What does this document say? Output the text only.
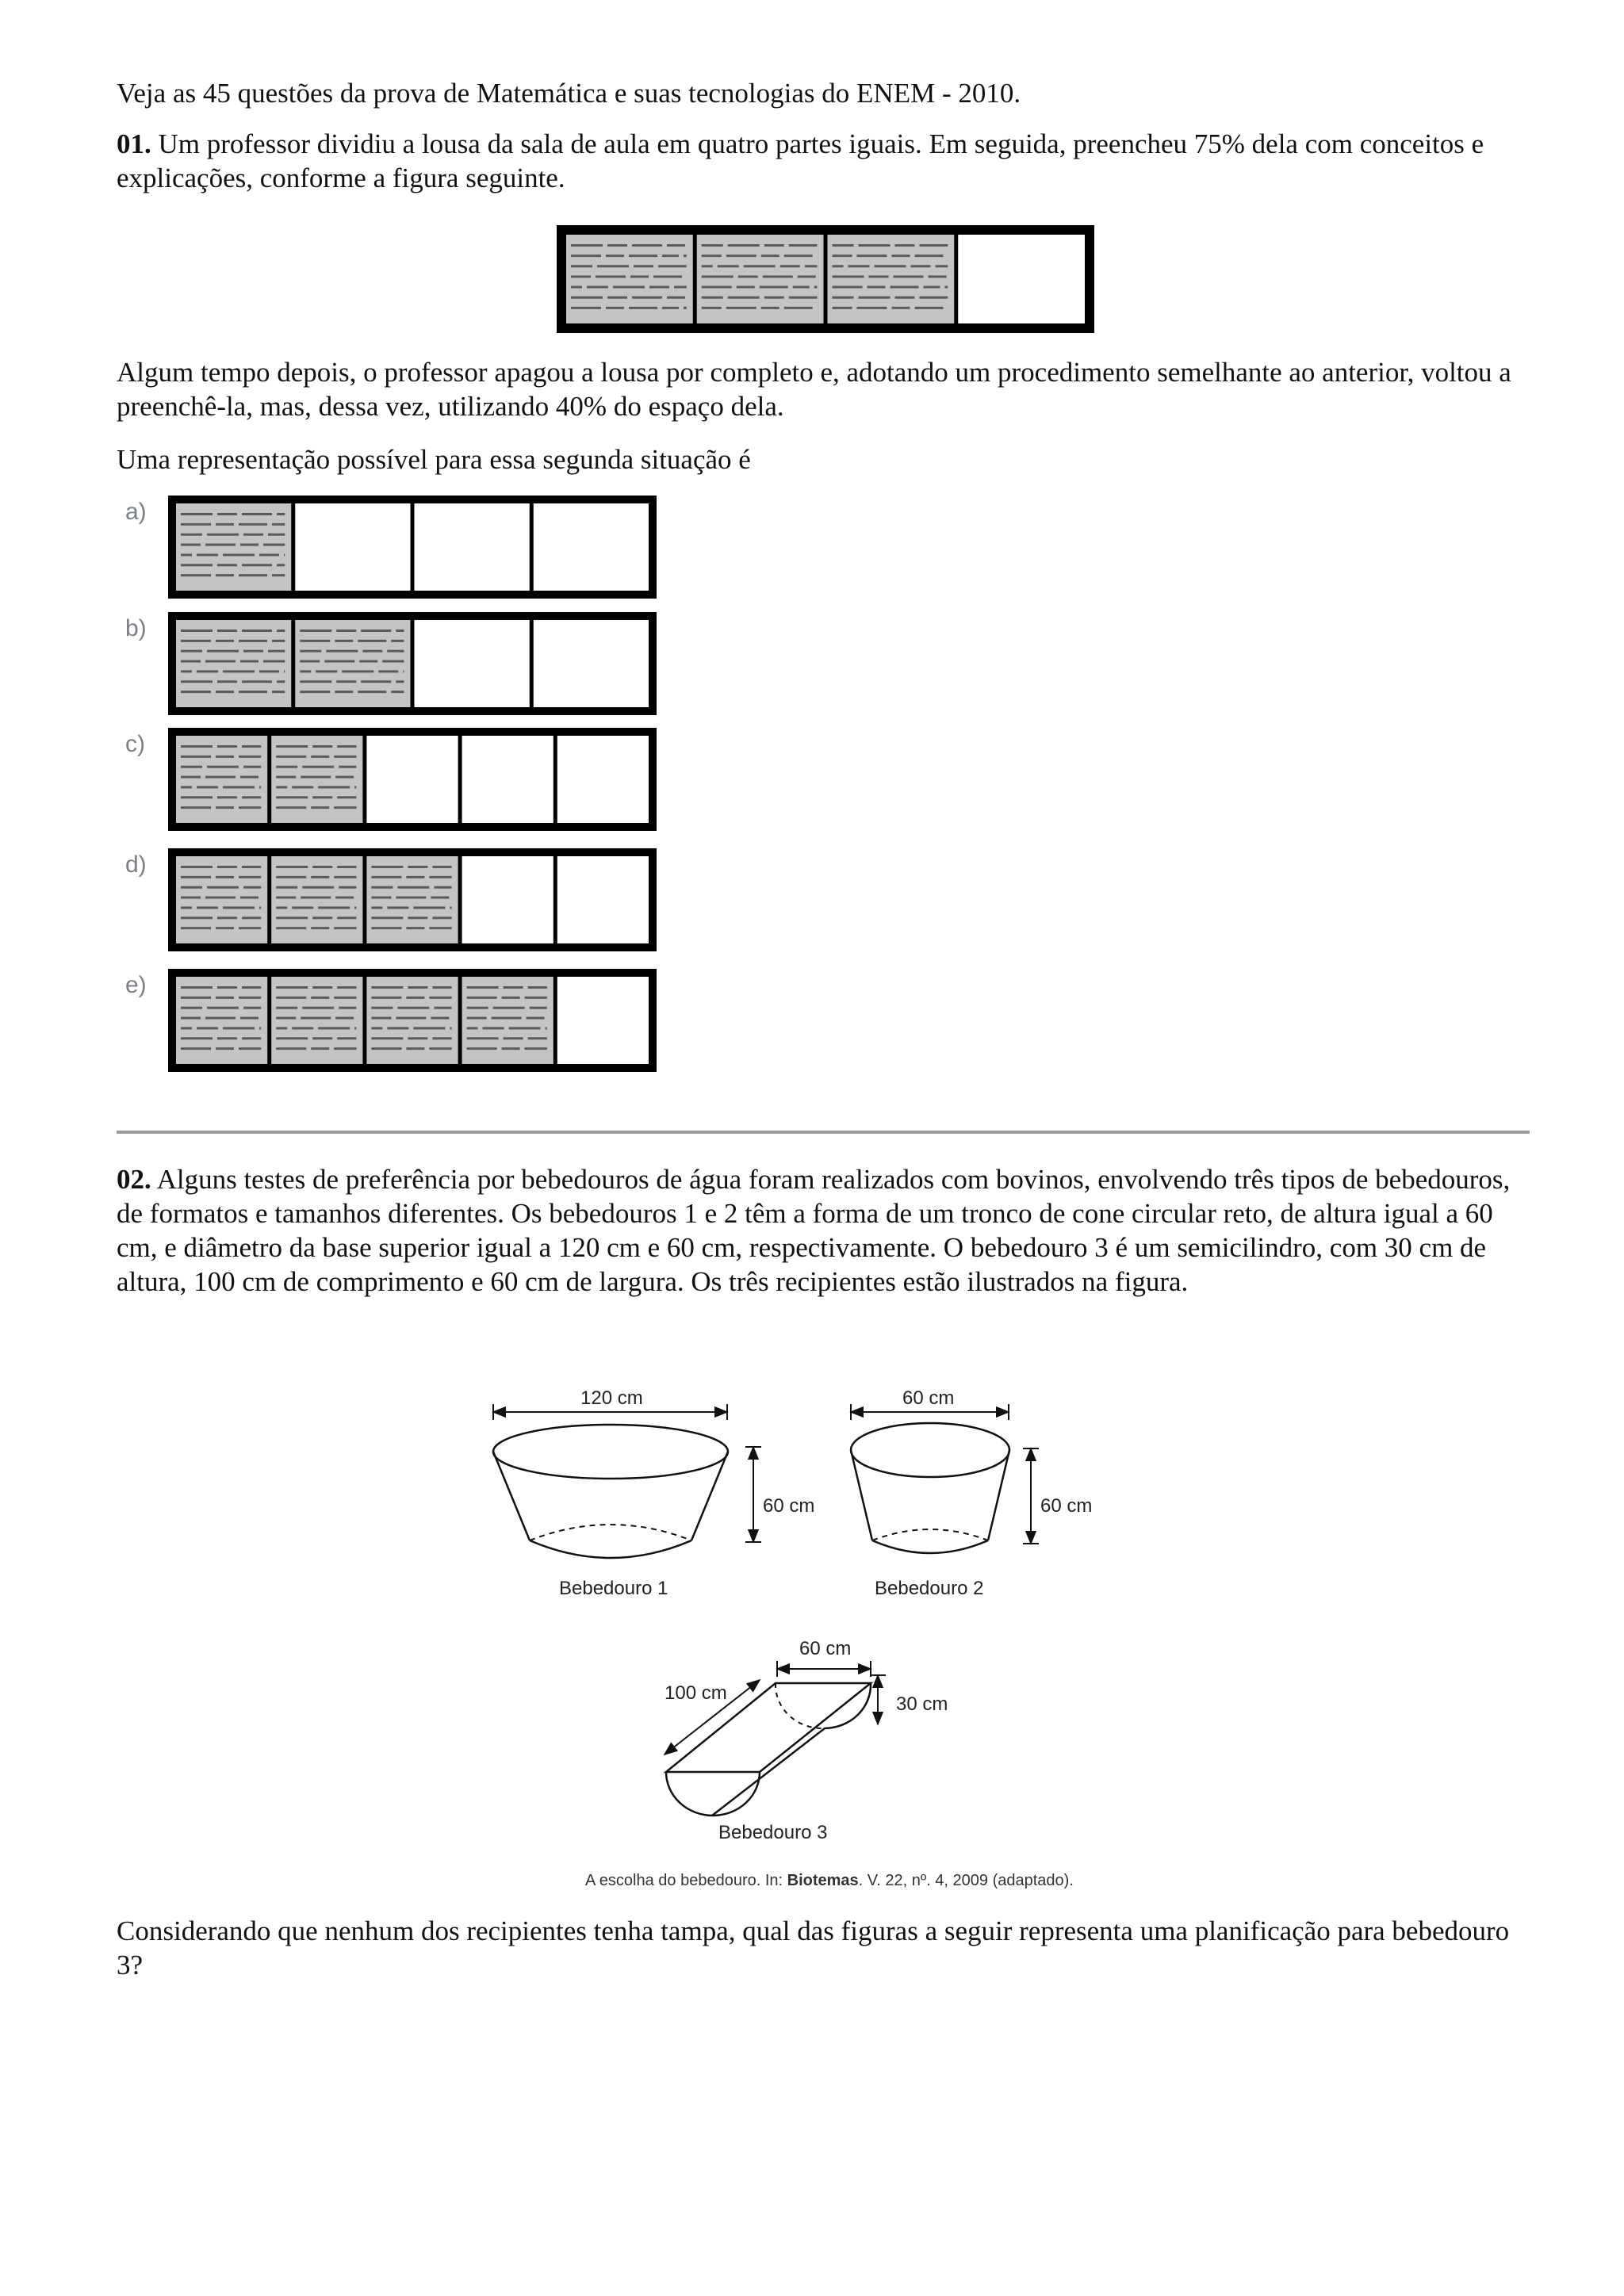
Veja as 45 questões da prova de Matemática e suas tecnologias do ENEM - 2010.

01. Um professor dividiu a lousa da sala de aula em quatro partes iguais. Em seguida, preencheu 75% dela com conceitos e explicações, conforme a figura seguinte.

Algum tempo depois, o professor apagou a lousa por completo e, adotando um procedimento semelhante ao anterior, voltou a preenchê-la, mas, dessa vez, utilizando 40% do espaço dela.

Uma representação possível para essa segunda situação é

a)
b)
c)
d)
e)

02. Alguns testes de preferência por bebedouros de água foram realizados com bovinos, envolvendo três tipos de bebedouros, de formatos e tamanhos diferentes. Os bebedouros 1 e 2 têm a forma de um tronco de cone circular reto, de altura igual a 60 cm, e diâmetro da base superior igual a 120 cm e 60 cm, respectivamente. O bebedouro 3 é um semicilindro, com 30 cm de altura, 100 cm de comprimento e 60 cm de largura. Os três recipientes estão ilustrados na figura.

120 cm
60 cm
Bebedouro 1
60 cm
60 cm
Bebedouro 2
60 cm
30 cm
100 cm
Bebedouro 3
A escolha do bebedouro. In: Biotemas. V. 22, nº. 4, 2009 (adaptado).

Considerando que nenhum dos recipientes tenha tampa, qual das figuras a seguir representa uma planificação para bebedouro 3?
